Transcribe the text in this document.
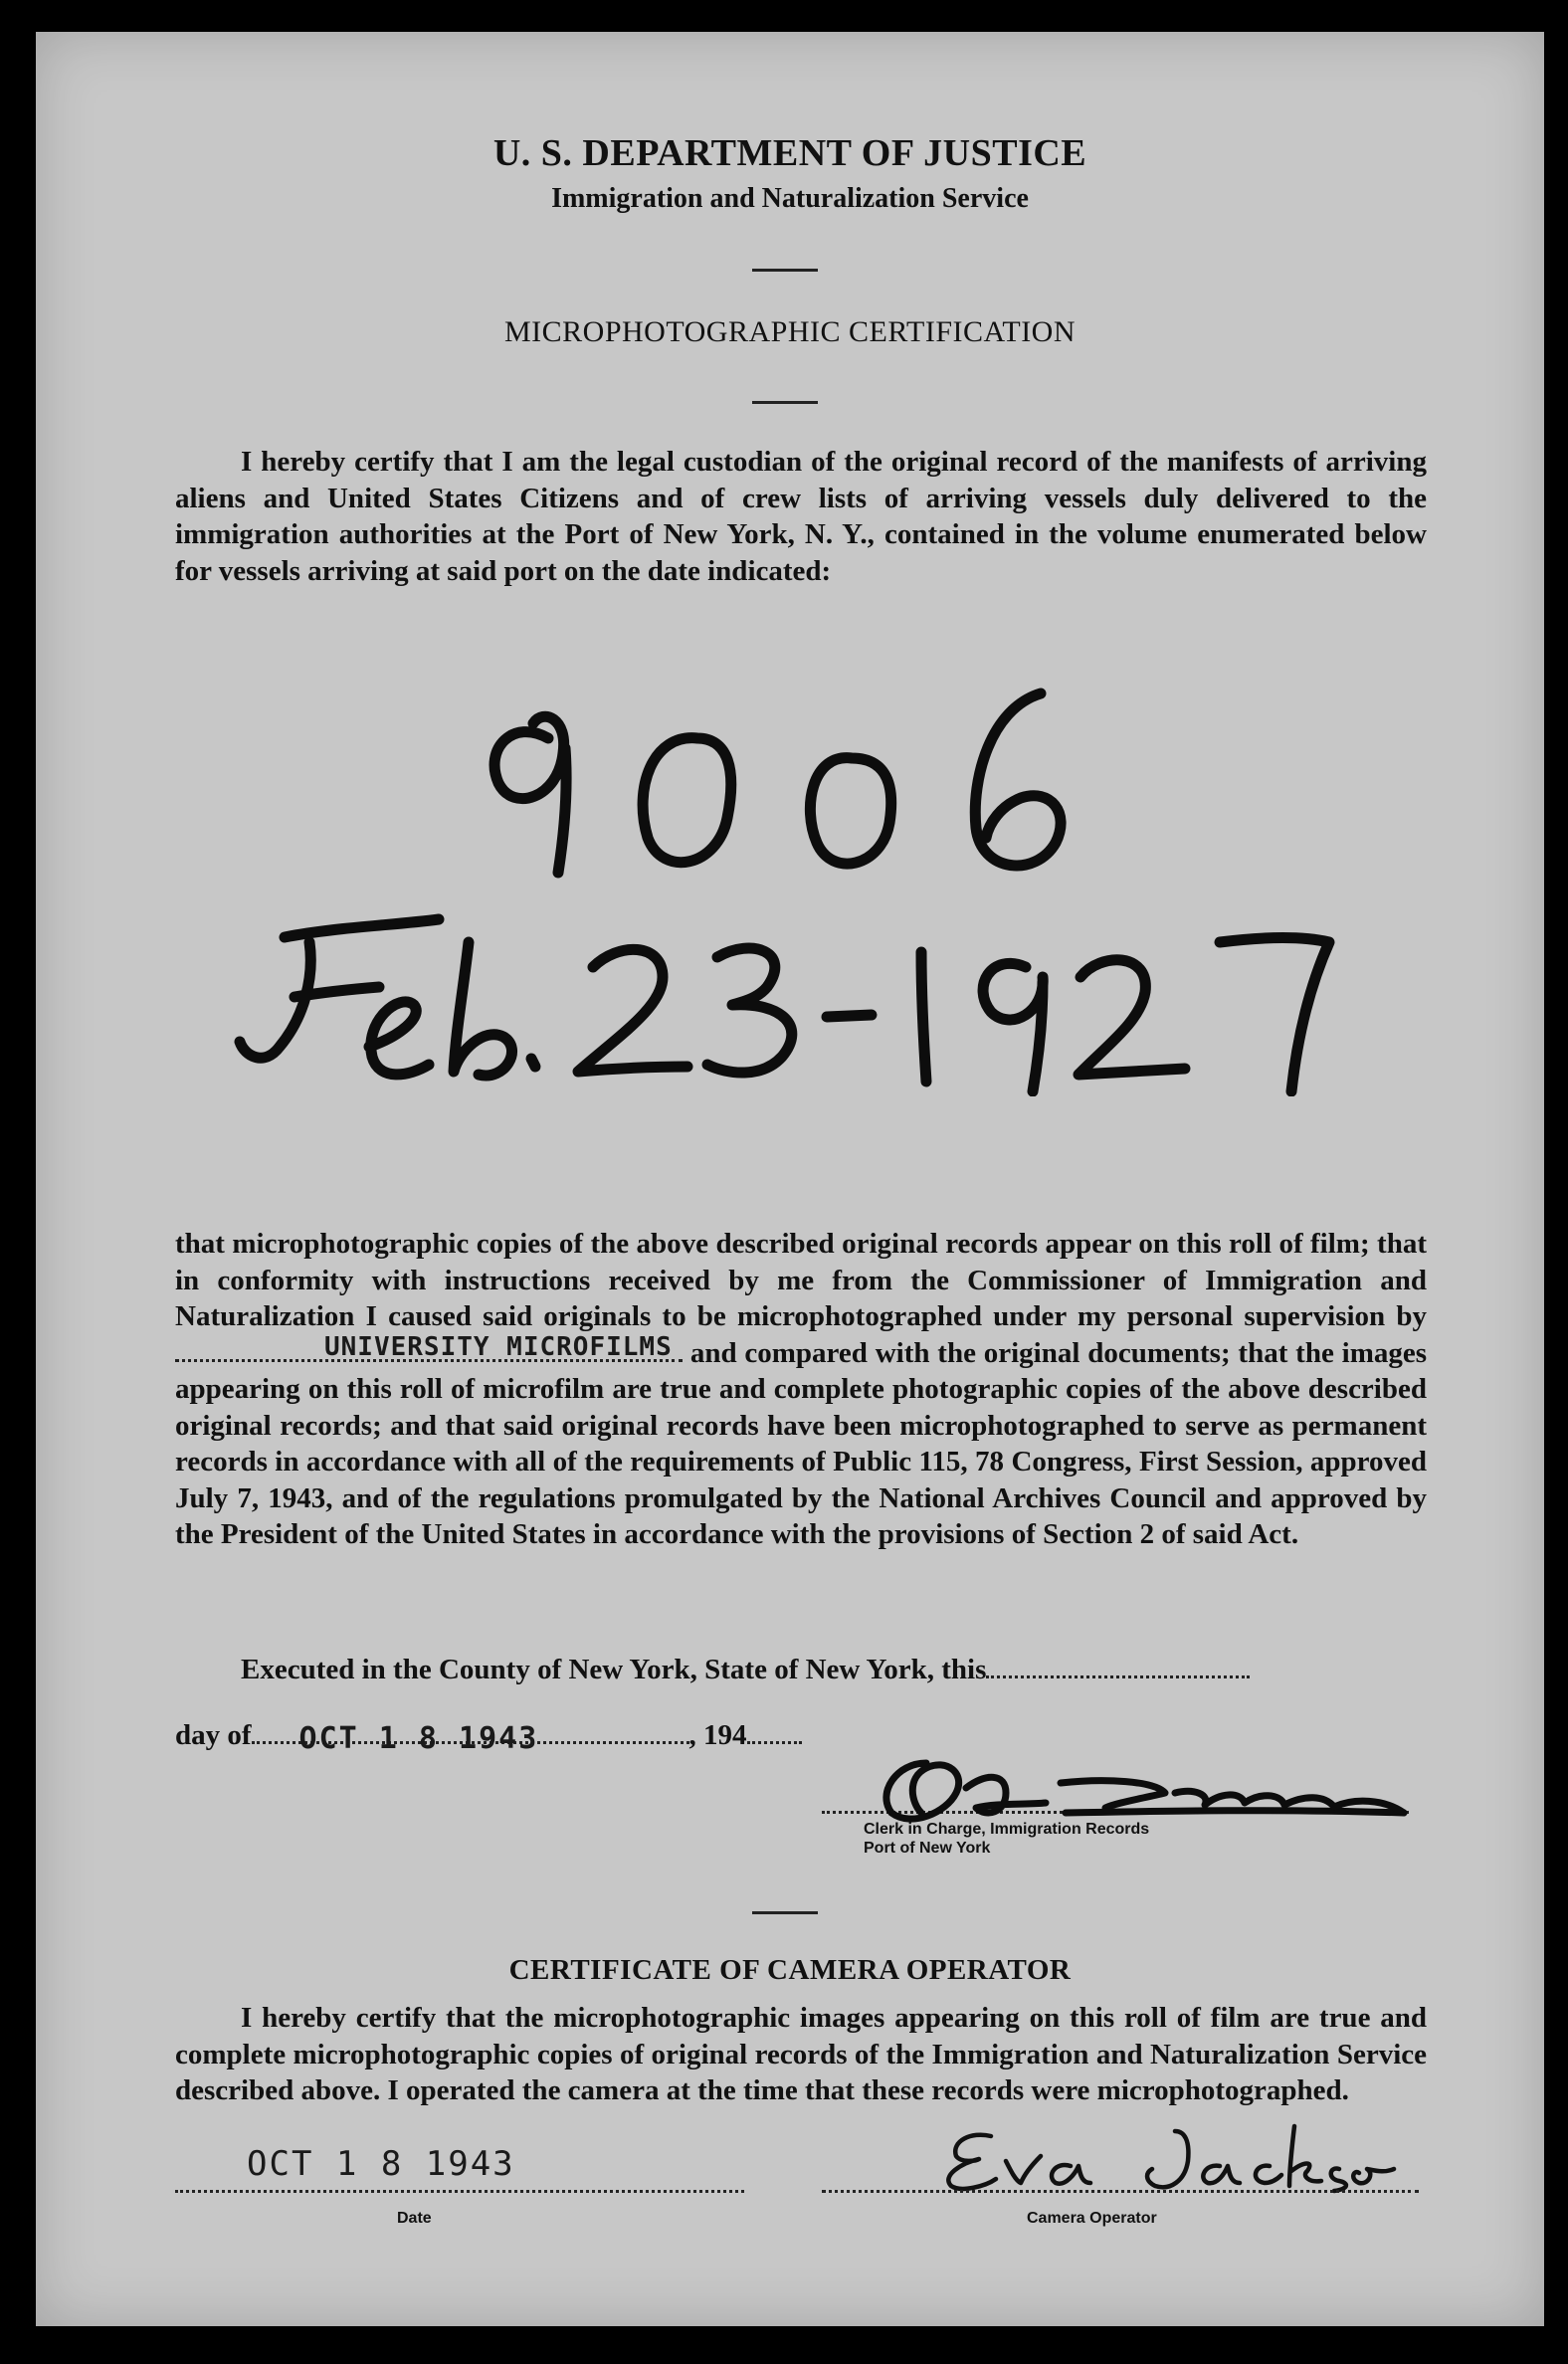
U. S. DEPARTMENT OF JUSTICE
Immigration and Naturalization Service
MICROPHOTOGRAPHIC CERTIFICATION
I hereby certify that I am the legal custodian of the original record of the manifests of arriving aliens and United States Citizens and of crew lists of arriving vessels duly delivered to the immigration authorities at the Port of New York, N. Y., contained in the volume enumerated below for vessels arriving at said port on the date indicated:
that microphotographic copies of the above described original records appear on this roll of film; that in conformity with instructions received by me from the Commissioner of Immigration and Naturalization I caused said originals to be microphotographed under my personal supervision by
UNIVERSITY MICROFILMS and compared with the original documents; that the images appearing on this roll of microfilm are true and complete photographic copies of the above described original records; and that said original records have been microphotographed to serve as permanent records in accordance with all of the requirements of Public 115, 78 Congress, First Session, approved July 7, 1943, and of the regulations promulgated by the National Archives Council and approved by the President of the United States in accordance with the provisions of Section 2 of said Act.
Executed in the County of New York, State of New York, this
day of OCT 1 8 1943	, 194
Clerk in Charge, Immigration Records
Port of New York
CERTIFICATE OF CAMERA OPERATOR
I hereby certify that the microphotographic images appearing on this roll of film are true and complete microphotographic copies of original records of the Immigration and Naturalization Service described above. I operated the camera at the time that these records were microphotographed.
OCT 1 8 1943
Date	Camera Operator
